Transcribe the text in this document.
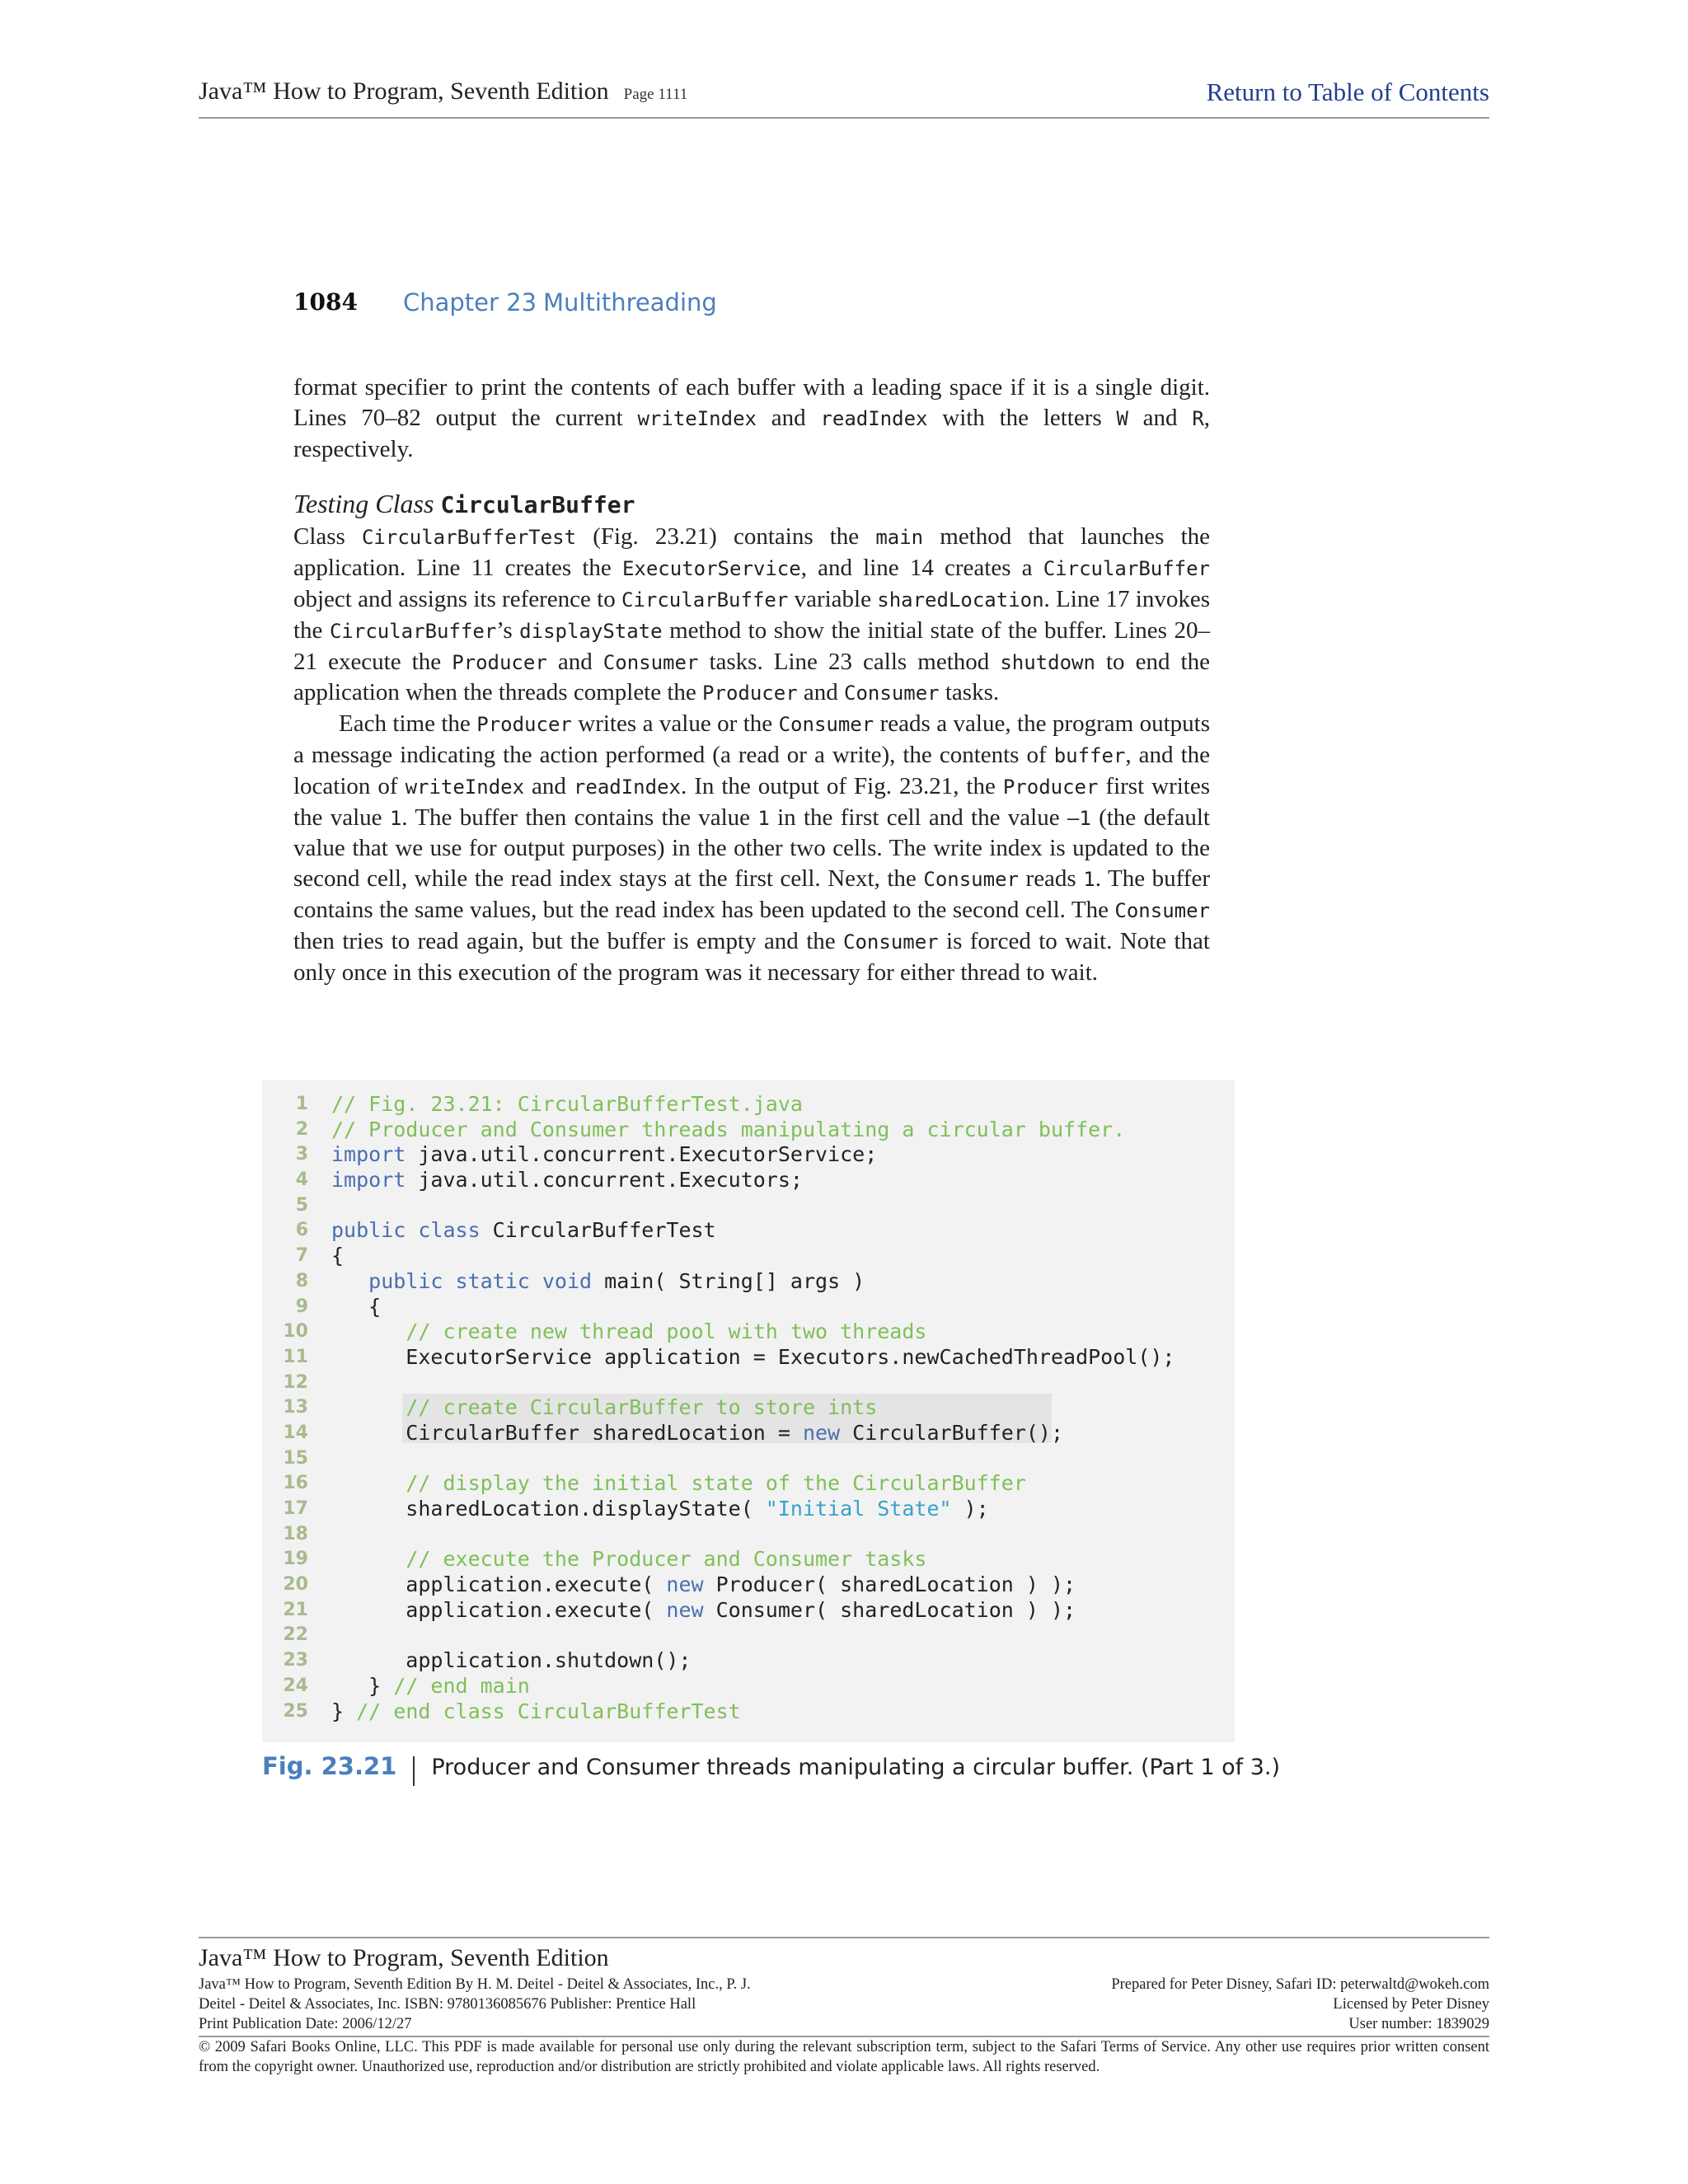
Java™ How to Program, Seventh Edition Page 1111	Return to Table of Contents
1084 Chapter 23 Multithreading

format specifier to print the contents of each buffer with a leading space if it is a single digit. Lines 70–82 output the current writeIndex and readIndex with the letters W and R, respectively.

Testing Class CircularBuffer

Class CircularBufferTest (Fig. 23.21) contains the main method that launches the application. Line 11 creates the ExecutorService, and line 14 creates a CircularBuffer object and assigns its reference to CircularBuffer variable sharedLocation. Line 17 invokes the CircularBuffer’s displayState method to show the initial state of the buffer. Lines 20–21 execute the Producer and Consumer tasks. Line 23 calls method shutdown to end the application when the threads complete the Producer and Consumer tasks.

Each time the Producer writes a value or the Consumer reads a value, the program outputs a message indicating the action performed (a read or a write), the contents of buffer, and the location of writeIndex and readIndex. In the output of Fig. 23.21, the Producer first writes the value 1. The buffer then contains the value 1 in the first cell and the value –1 (the default value that we use for output purposes) in the other two cells. The write index is updated to the second cell, while the read index stays at the first cell. Next, the Consumer reads 1. The buffer contains the same values, but the read index has been updated to the second cell. The Consumer then tries to read again, but the buffer is empty and the Consumer is forced to wait. Note that only once in this execution of the program was it necessary for either thread to wait.

1 // Fig. 23.21: CircularBufferTest.java
2 // Producer and Consumer threads manipulating a circular buffer.
3 import java.util.concurrent.ExecutorService;
4 import java.util.concurrent.Executors;
5
6 public class CircularBufferTest
7 {
8	public static void main( String[] args )
9 {
10	// create new thread pool with two threads
11 ExecutorService application = Executors.newCachedThreadPool();
12
13	// create CircularBuffer to store ints
14 CircularBuffer sharedLocation = new CircularBuffer();
15
16	// display the initial state of the CircularBuffer
17 sharedLocation.displayState( "Initial State" );
18
19	// execute the Producer and Consumer tasks
20 application.execute( new Producer( sharedLocation ) );
21 application.execute( new Consumer( sharedLocation ) );
22
23 application.shutdown();
24 } // end main
25 } // end class CircularBufferTest
Fig. 23.21 Producer and Consumer threads manipulating a circular buffer. (Part 1 of 3.)
Java™ How to Program, Seventh Edition
Java™ How to Program, Seventh Edition By H. M. Deitel - Deitel & Associates, Inc., P. J.	Prepared for Peter Disney, Safari ID: peterwaltd@wokeh.com
Deitel - Deitel & Associates, Inc. ISBN: 9780136085676 Publisher: Prentice Hall	Licensed by Peter Disney
Print Publication Date: 2006/12/27	User number: 1839029
© 2009 Safari Books Online, LLC. This PDF is made available for personal use only during the relevant subscription term, subject to the Safari Terms of Service. Any other use requires prior written consent from the copyright owner. Unauthorized use, reproduction and/or distribution are strictly prohibited and violate applicable laws. All rights reserved.
